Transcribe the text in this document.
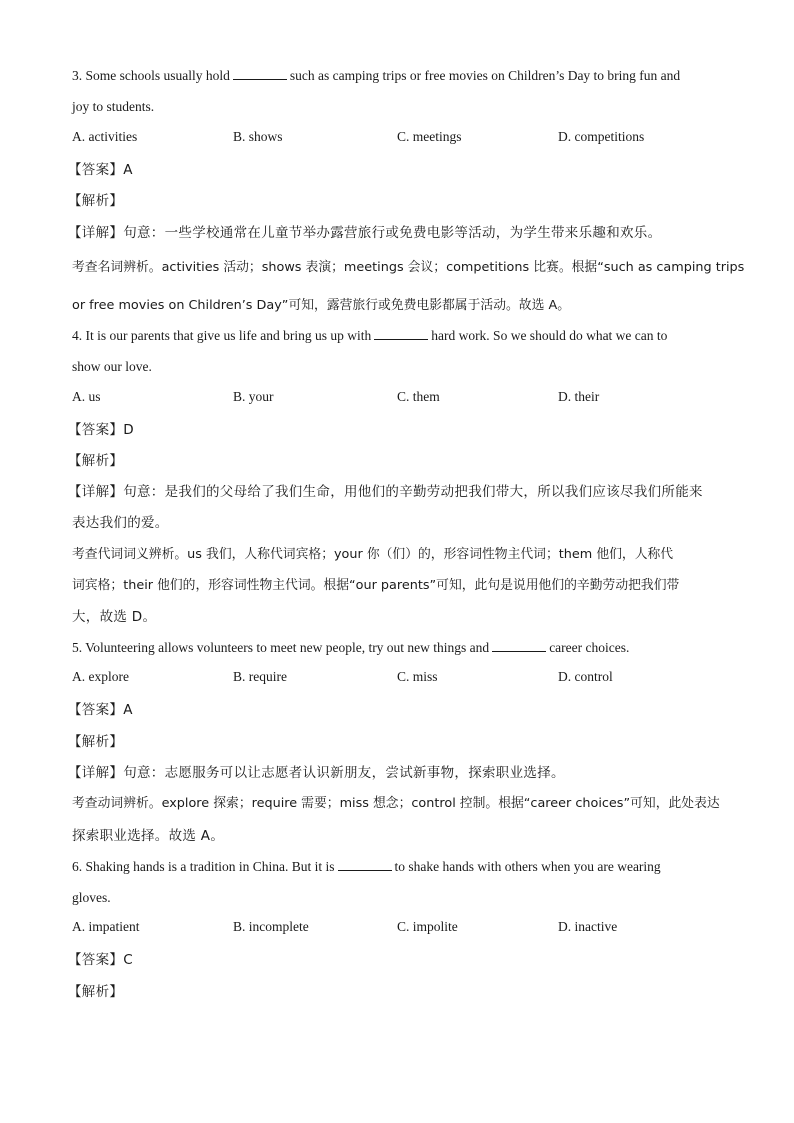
3. Some schools usually hold	such as camping trips or free movies on Children’s Day to bring fun and
joy to students.
A. activities	B. shows	C. meetings	D. competitions
【答案】A
【解析】
【详解】句意：一些学校通常在儿童节举办露营旅行或免费电影等活动，为学生带来乐趣和欢乐。
考查名词辨析。activities 活动；shows 表演；meetings 会议；competitions 比赛。根据“such as camping trips
or free movies on Children’s Day”可知，露营旅行或免费电影都属于活动。故选 A。
4. It is our parents that give us life and bring us up with	hard work. So we should do what we can to
show our love.
A. us	B. your	C. them	D. their
【答案】D
【解析】
【详解】句意：是我们的父母给了我们生命，用他们的辛勤劳动把我们带大，所以我们应该尽我们所能来
表达我们的爱。
考查代词词义辨析。us 我们，人称代词宾格；your 你（们）的，形容词性物主代词；them 他们，人称代
词宾格；their 他们的，形容词性物主代词。根据“our parents”可知，此句是说用他们的辛勤劳动把我们带
大，故选 D。
5. Volunteering allows volunteers to meet new people, try out new things and	career choices.
A. explore	B. require	C. miss	D. control
【答案】A
【解析】
【详解】句意：志愿服务可以让志愿者认识新朋友，尝试新事物，探索职业选择。
考查动词辨析。explore 探索；require 需要；miss 想念；control 控制。根据“career choices”可知，此处表达
探索职业选择。故选 A。
6. Shaking hands is a tradition in China. But it is	to shake hands with others when you are wearing
gloves.
A. impatient	B. incomplete	C. impolite	D. inactive
【答案】C
【解析】
